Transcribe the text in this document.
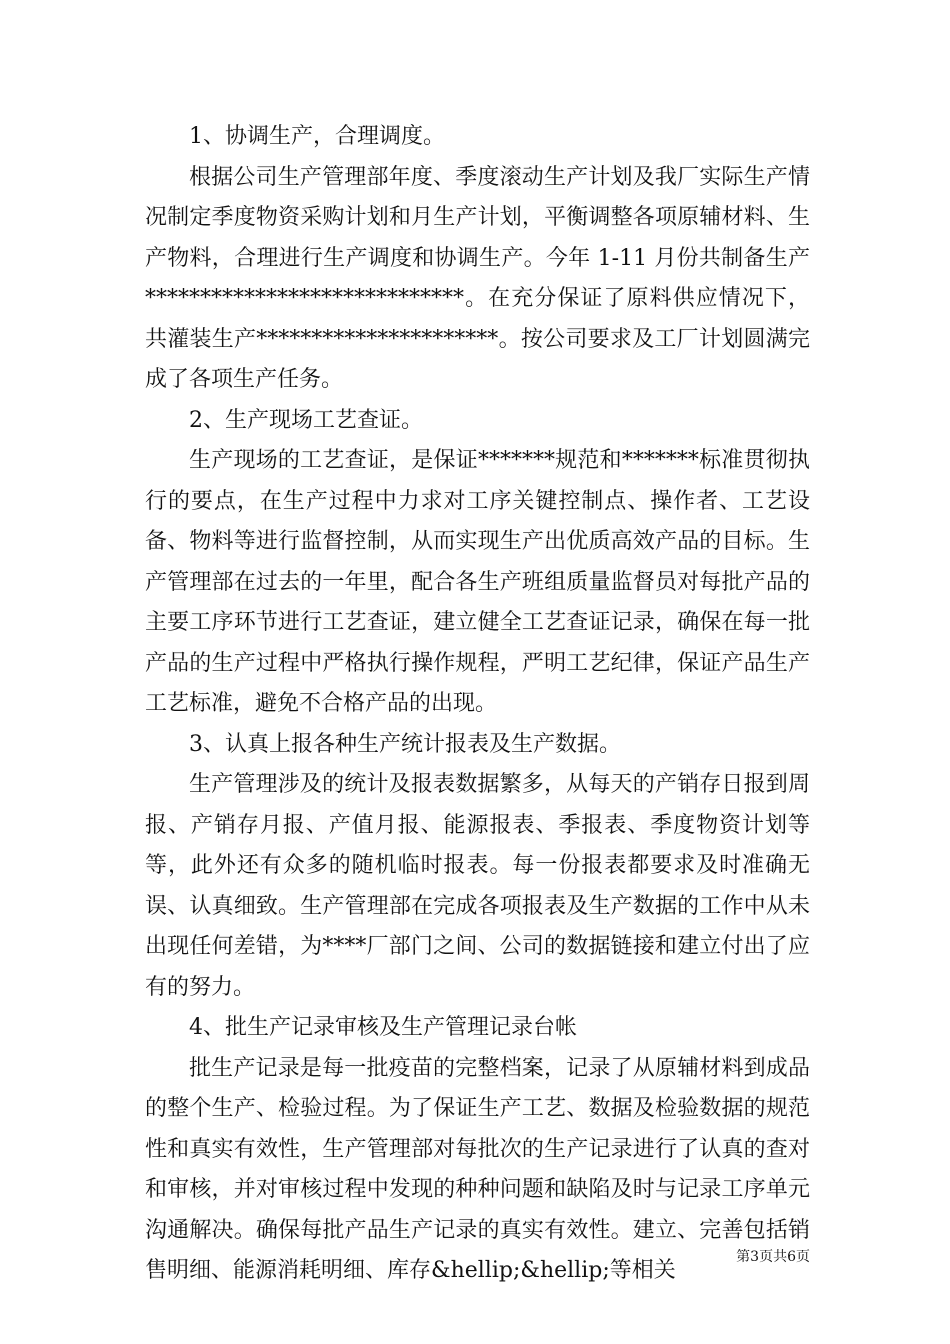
1、协调生产，合理调度。

根据公司生产管理部年度、季度滚动生产计划及我厂实际生产情况制定季度物资采购计划和月生产计划，平衡调整各项原辅材料、生产物料，合理进行生产调度和协调生产。今年 1-11 月份共制备生产*****************************。在充分保证了原料供应情况下，共灌装生产**********************。按公司要求及工厂计划圆满完成了各项生产任务。

2、生产现场工艺查证。

生产现场的工艺查证，是保证*******规范和*******标准贯彻执行的要点，在生产过程中力求对工序关键控制点、操作者、工艺设备、物料等进行监督控制，从而实现生产出优质高效产品的目标。生产管理部在过去的一年里，配合各生产班组质量监督员对每批产品的主要工序环节进行工艺查证，建立健全工艺查证记录，确保在每一批产品的生产过程中严格执行操作规程，严明工艺纪律，保证产品生产工艺标准，避免不合格产品的出现。

3、认真上报各种生产统计报表及生产数据。

生产管理涉及的统计及报表数据繁多，从每天的产销存日报到周报、产销存月报、产值月报、能源报表、季报表、季度物资计划等等，此外还有众多的随机临时报表。每一份报表都要求及时准确无误、认真细致。生产管理部在完成各项报表及生产数据的工作中从未出现任何差错，为****厂部门之间、公司的数据链接和建立付出了应有的努力。

4、批生产记录审核及生产管理记录台帐

批生产记录是每一批疫苗的完整档案，记录了从原辅材料到成品的整个生产、检验过程。为了保证生产工艺、数据及检验数据的规范性和真实有效性，生产管理部对每批次的生产记录进行了认真的查对和审核，并对审核过程中发现的种种问题和缺陷及时与记录工序单元沟通解决。确保每批产品生产记录的真实有效性。建立、完善包括销售明细、能源消耗明细、库存&hellip;&hellip;等相关

第3页共6页
